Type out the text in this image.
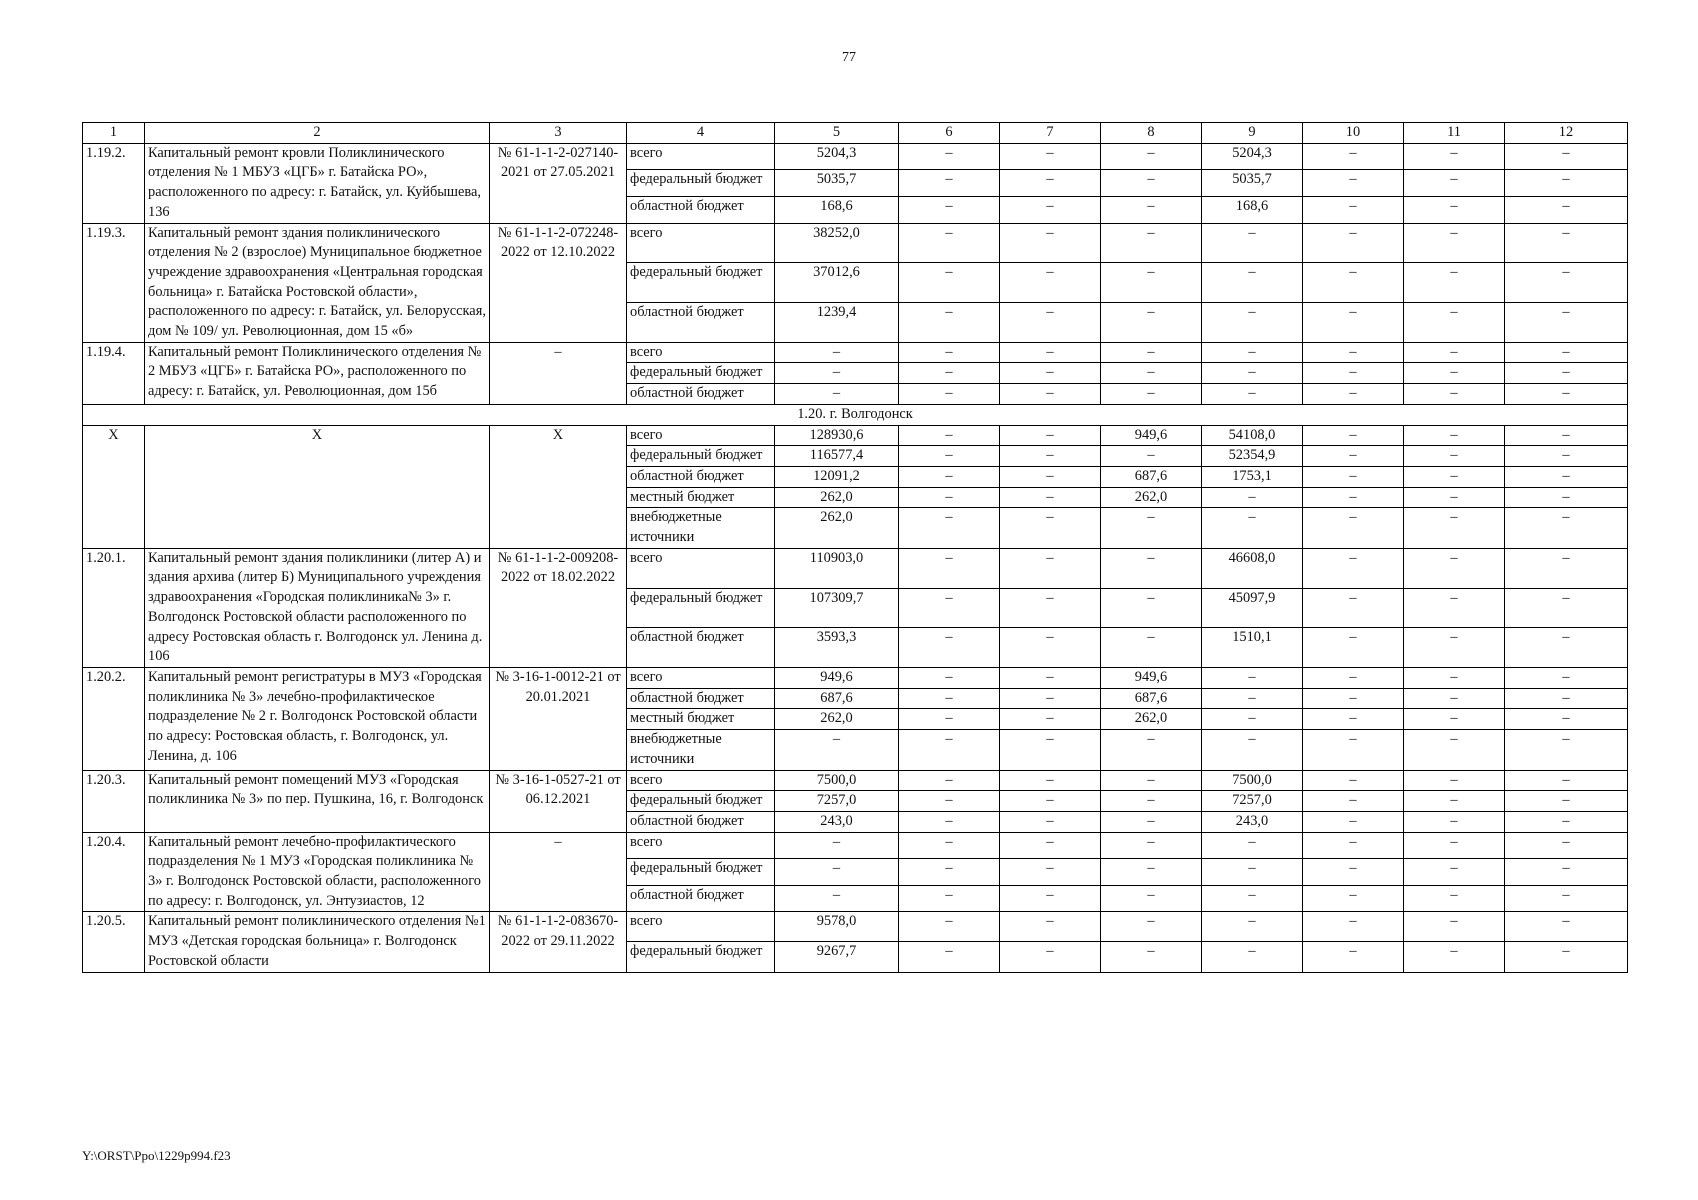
77
1	2	3	4	5	6	7	8	9	10	11	12
1.19.2.	Капитальный ремонт кровли Поликлинического отделения № 1 МБУЗ «ЦГБ» г. Батайска РО», расположенного по адресу: г. Батайск, ул. Куйбышева, 136	№ 61-1-1-2-027140-2021 от 27.05.2021	всего	5204,3	–	–	–	5204,3	–	–	–
			федеральный бюджет	5035,7	–	–	–	5035,7	–	–	–
			областной бюджет	168,6	–	–	–	168,6	–	–	–
1.19.3.	Капитальный ремонт здания поликлинического отделения № 2 (взрослое) Муниципальное бюджетное учреждение здравоохранения «Центральная городская больница» г. Батайска Ростовской области», расположенного по адресу: г. Батайск, ул. Белорусская, дом № 109/ ул. Революционная, дом 15 «б»	№ 61-1-1-2-072248-2022 от 12.10.2022	всего	38252,0	–	–	–	–	–	–	–
			федеральный бюджет	37012,6	–	–	–	–	–	–	–
			областной бюджет	1239,4	–	–	–	–	–	–	–
1.19.4.	Капитальный ремонт Поликлинического отделения № 2 МБУЗ «ЦГБ» г. Батайска РО», расположенного по адресу: г. Батайск, ул. Революционная, дом 15б	–	всего	–	–	–	–	–	–	–	–
			федеральный бюджет	–	–	–	–	–	–	–	–
			областной бюджет	–	–	–	–	–	–	–	–
1.20. г. Волгодонск											
X	X	X	всего	128930,6	–	–	949,6	54108,0	–	–	–
			федеральный бюджет	116577,4	–	–	–	52354,9	–	–	–
			областной бюджет	12091,2	–	–	687,6	1753,1	–	–	–
			местный бюджет	262,0	–	–	262,0	–	–	–	–
			внебюджетные источники	262,0	–	–	–	–	–	–	–
1.20.1.	Капитальный ремонт здания поликлиники (литер А) и здания архива (литер Б) Муниципального учреждения здравоохранения «Городская поликлиника№ 3» г. Волгодонск Ростовской области расположенного по адресу Ростовская область г. Волгодонск ул. Ленина д. 106	№ 61-1-1-2-009208-2022 от 18.02.2022	всего	110903,0	–	–	–	46608,0	–	–	–
			федеральный бюджет	107309,7	–	–	–	45097,9	–	–	–
			областной бюджет	3593,3	–	–	–	1510,1	–	–	–
1.20.2.	Капитальный ремонт регистратуры в МУЗ «Городская поликлиника № 3» лечебно-профилактическое подразделение № 2 г. Волгодонск Ростовской области по адресу: Ростовская область, г. Волгодонск, ул. Ленина, д. 106	№ 3-16-1-0012-21 от 20.01.2021	всего	949,6	–	–	949,6	–	–	–	–
			областной бюджет	687,6	–	–	687,6	–	–	–	–
			местный бюджет	262,0	–	–	262,0	–	–	–	–
			внебюджетные источники	–	–	–	–	–	–	–	–
1.20.3.	Капитальный ремонт помещений МУЗ «Городская поликлиника № 3» по пер. Пушкина, 16, г. Волгодонск	№ 3-16-1-0527-21 от 06.12.2021	всего	7500,0	–	–	–	7500,0	–	–	–
			федеральный бюджет	7257,0	–	–	–	7257,0	–	–	–
			областной бюджет	243,0	–	–	–	243,0	–	–	–
1.20.4.	Капитальный ремонт лечебно-профилактического подразделения № 1 МУЗ «Городская поликлиника № 3» г. Волгодонск Ростовской области, расположенного по адресу: г. Волгодонск, ул. Энтузиастов, 12	–	всего	–	–	–	–	–	–	–	–
			федеральный бюджет	–	–	–	–	–	–	–	–
			областной бюджет	–	–	–	–	–	–	–	–
1.20.5.	Капитальный ремонт поликлинического отделения №1 МУЗ «Детская городская больница» г. Волгодонск Ростовской области	№ 61-1-1-2-083670-2022 от 29.11.2022	всего	9578,0	–	–	–	–	–	–	–
			федеральный бюджет	9267,7	–	–	–	–	–	–	–
Y:\ORST\Ppo\1229p994.f23
